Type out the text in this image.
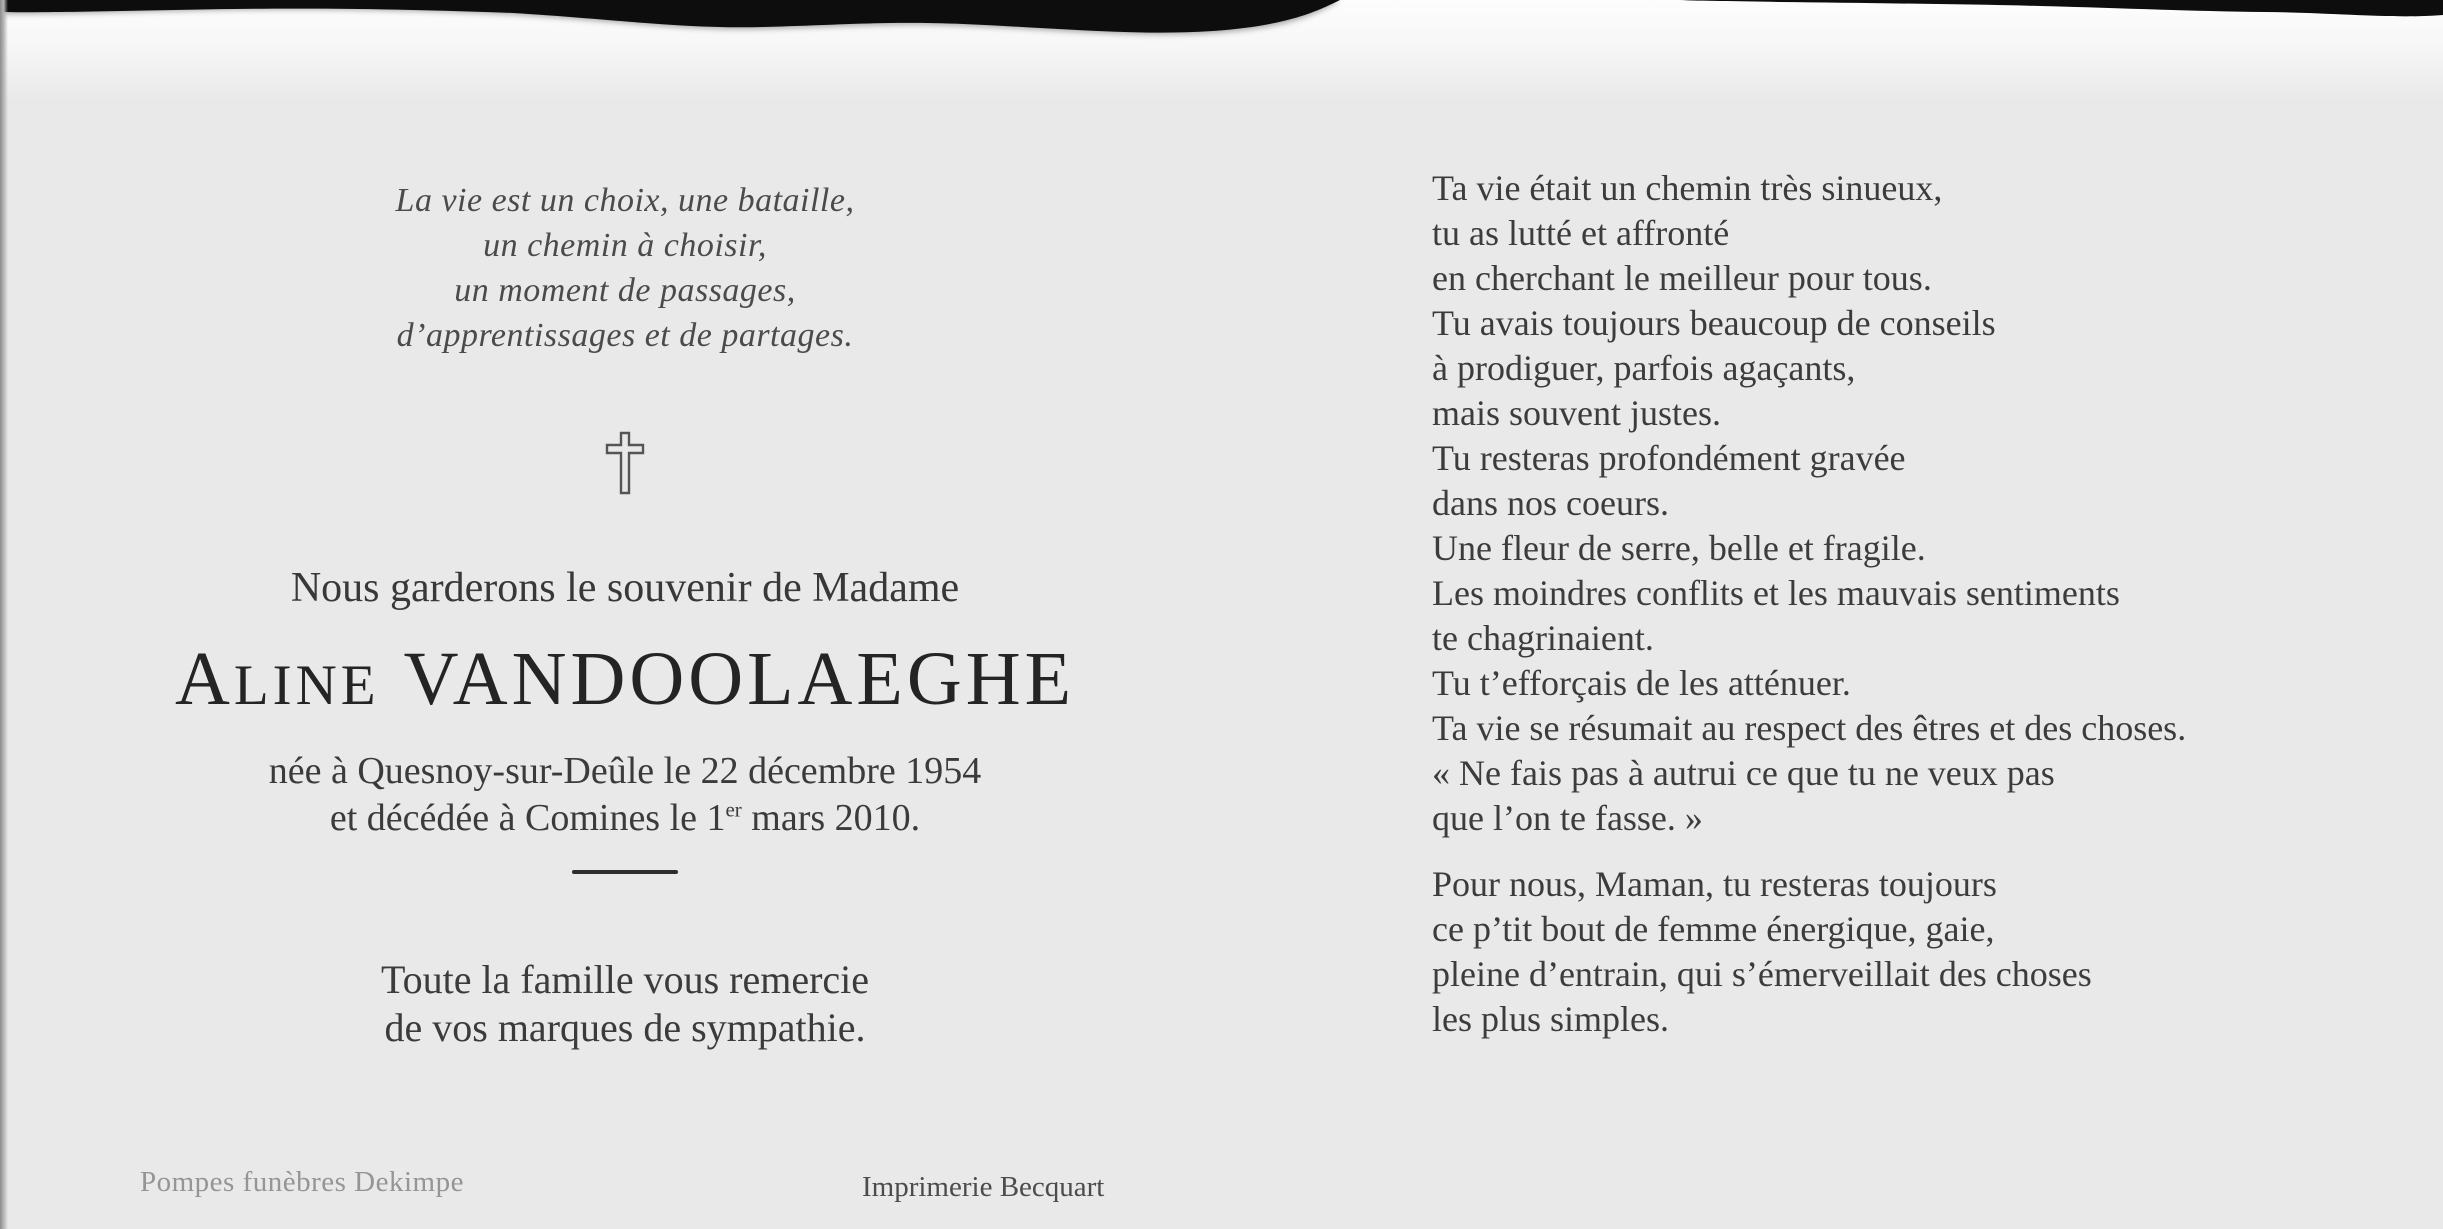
La vie est un choix, une bataille,
un chemin à choisir,
un moment de passages,
d’apprentissages et de partages.
Nous garderons le souvenir de Madame
ALINE VANDOOLAEGHE
née à Quesnoy-sur-Deûle le 22 décembre 1954
et décédée à Comines le 1er mars 2010.
Toute la famille vous remercie
de vos marques de sympathie.
Pompes funèbres Dekimpe	Imprimerie Becquart
Ta vie était un chemin très sinueux,
tu as lutté et affronté
en cherchant le meilleur pour tous.
Tu avais toujours beaucoup de conseils
à prodiguer, parfois agaçants,
mais souvent justes.
Tu resteras profondément gravée
dans nos coeurs.
Une fleur de serre, belle et fragile.
Les moindres conflits et les mauvais sentiments
te chagrinaient.
Tu t’efforçais de les atténuer.
Ta vie se résumait au respect des êtres et des choses.
« Ne fais pas à autrui ce que tu ne veux pas
que l’on te fasse. »
Pour nous, Maman, tu resteras toujours
ce p’tit bout de femme énergique, gaie,
pleine d’entrain, qui s’émerveillait des choses
les plus simples.
